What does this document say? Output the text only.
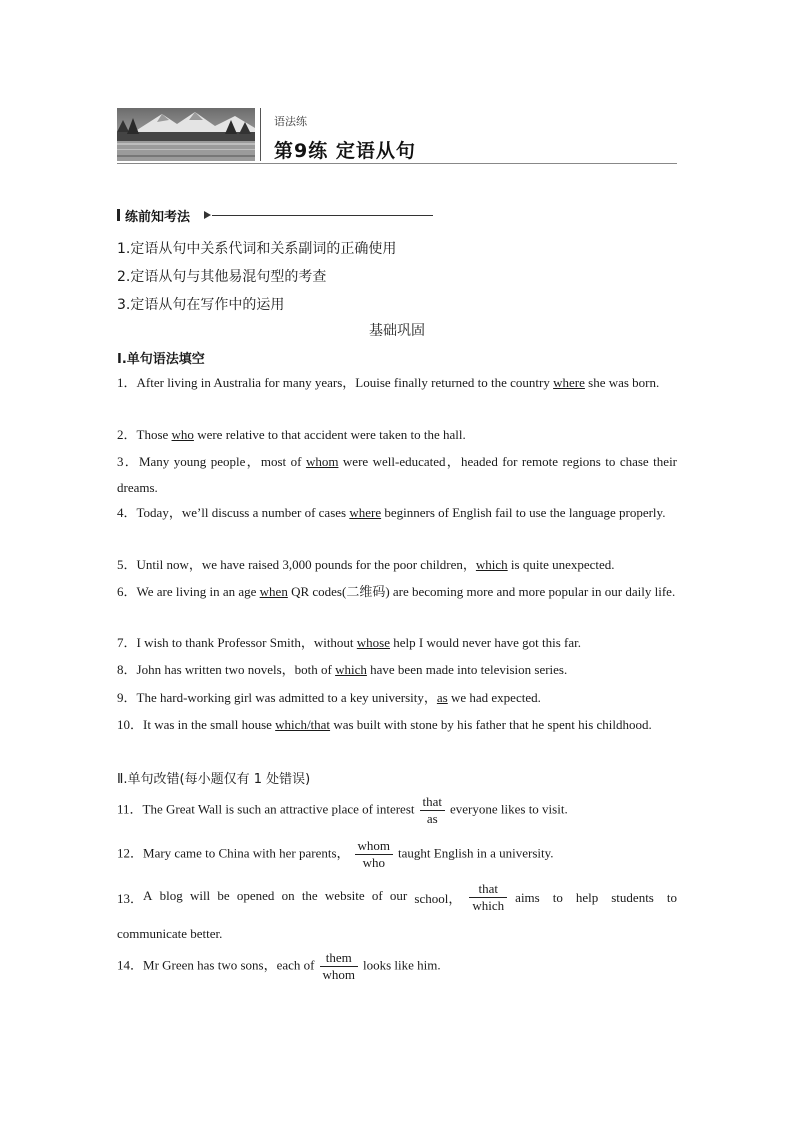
语法练
第9练 定语从句
练前知考法
1.定语从句中关系代词和关系副词的正确使用
2.定语从句与其他易混句型的考查
3.定语从句在写作中的运用
基础巩固
Ⅰ.单句语法填空
1．After living in Australia for many years，Louise finally returned to the country where she was born.
2．Those who were relative to that accident were taken to the hall.
3．Many young people，most of whom were well-educated，headed for remote regions to chase their dreams.
4．Today，we’ll discuss a number of cases where beginners of English fail to use the language properly.
5．Until now，we have raised 3,000 pounds for the poor children，which is quite unexpected.
6．We are living in an age when QR codes(二维码) are becoming more and more popular in our daily life.
7．I wish to thank Professor Smith，without whose help I would never have got this far.
8．John has written two novels，both of which have been made into television series.
9．The hard-working girl was admitted to a key university，as we had expected.
10．It was in the small house which/that was built with stone by his father that he spent his childhood.
Ⅱ.单句改错(每小题仅有 1 处错误)
11．The Great Wall is such an attractive place of interest $\frac{\text{that}}{as}$ everyone likes to visit.
12．Mary came to China with her parents， $\frac{\text{whom}}{\text{who}}$ taught English in a university.
13． A blog will be opened on the website of our school， $\frac{\text{that}}{\text{which}}$ aims to help students to
communicate better.
14．Mr Green has two sons，each of $\frac{\text{them}}{\text{whom}}$ looks like him.
